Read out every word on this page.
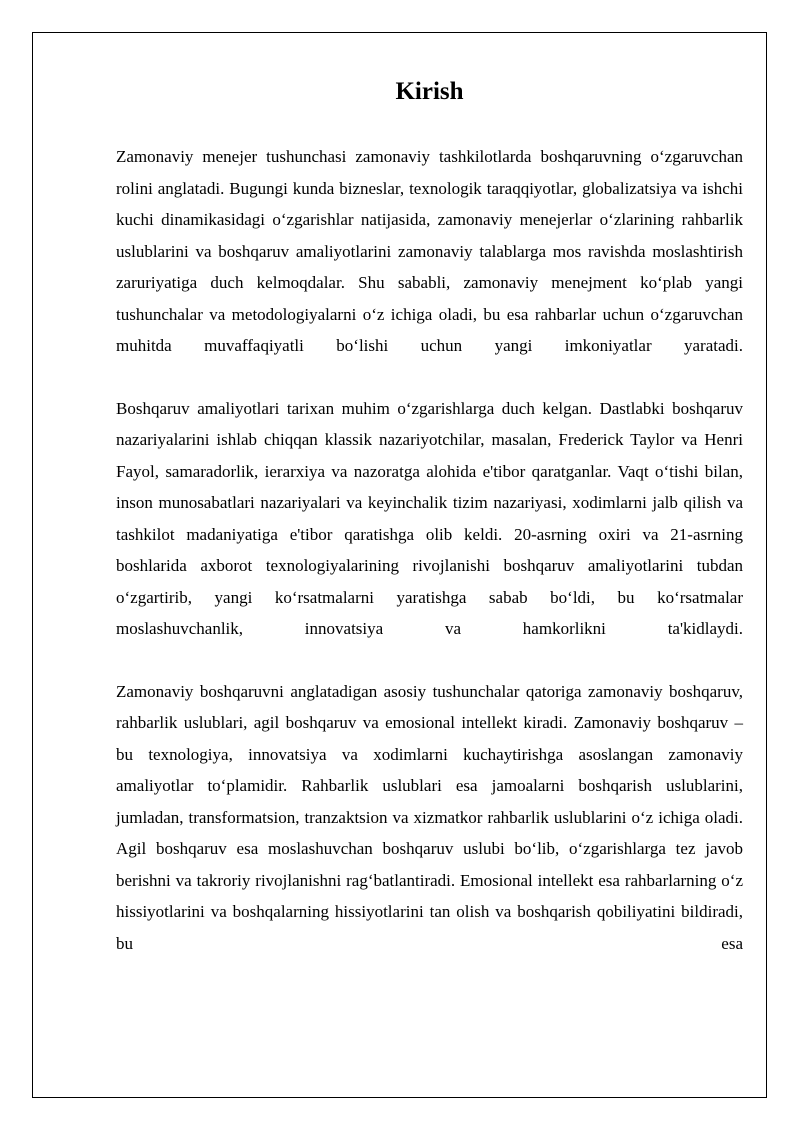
Kirish

Zamonaviy menejer tushunchasi zamonaviy tashkilotlarda boshqaruvning o‘zgaruvchan rolini anglatadi. Bugungi kunda bizneslar, texnologik taraqqiyotlar, globalizatsiya va ishchi kuchi dinamikasidagi o‘zgarishlar natijasida, zamonaviy menejerlar o‘zlarining rahbarlik uslublarini va boshqaruv amaliyotlarini zamonaviy talablarga mos ravishda moslashtirish zaruriyatiga duch kelmoqdalar. Shu sababli, zamonaviy menejment ko‘plab yangi tushunchalar va metodologiyalarni o‘z ichiga oladi, bu esa rahbarlar uchun o‘zgaruvchan muhitda muvaffaqiyatli bo‘lishi uchun yangi imkoniyatlar yaratadi.

Boshqaruv amaliyotlari tarixan muhim o‘zgarishlarga duch kelgan. Dastlabki boshqaruv nazariyalarini ishlab chiqqan klassik nazariyotchilar, masalan, Frederick Taylor va Henri Fayol, samaradorlik, ierarxiya va nazoratga alohida e'tibor qaratganlar. Vaqt o‘tishi bilan, inson munosabatlari nazariyalari va keyinchalik tizim nazariyasi, xodimlarni jalb qilish va tashkilot madaniyatiga e'tibor qaratishga olib keldi. 20-asrning oxiri va 21-asrning boshlarida axborot texnologiyalarining rivojlanishi boshqaruv amaliyotlarini tubdan o‘zgartirib, yangi ko‘rsatmalarni yaratishga sabab bo‘ldi, bu ko‘rsatmalar moslashuvchanlik, innovatsiya va hamkorlikni ta'kidlaydi.

Zamonaviy boshqaruvni anglatadigan asosiy tushunchalar qatoriga zamonaviy boshqaruv, rahbarlik uslublari, agil boshqaruv va emosional intellekt kiradi. Zamonaviy boshqaruv – bu texnologiya, innovatsiya va xodimlarni kuchaytirishga asoslangan zamonaviy amaliyotlar to‘plamidir. Rahbarlik uslublari esa jamoalarni boshqarish uslublarini, jumladan, transformatsion, tranzaktsion va xizmatkor rahbarlik uslublarini o‘z ichiga oladi. Agil boshqaruv esa moslashuvchan boshqaruv uslubi bo‘lib, o‘zgarishlarga tez javob berishni va takroriy rivojlanishni rag‘batlantiradi. Emosional intellekt esa rahbarlarning o‘z hissiyotlarini va boshqalarning hissiyotlarini tan olish va boshqarish qobiliyatini bildiradi, bu esa
